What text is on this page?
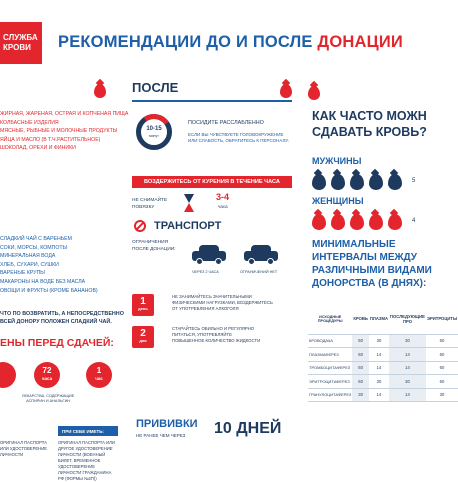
СЛУЖБА
КРОВИ	РЕКОМЕНДАЦИИ ДО И ПОСЛЕ ДОНАЦИИ
ЖИРНАЯ, ЖАРЕНАЯ, ОСТРАЯ И КОПЧЕНАЯ ПИЩА
КОЛБАСНЫЕ ИЗДЕЛИЯ
МЯСНЫЕ, РЫБНЫЕ И МОЛОЧНЫЕ ПРОДУКТЫ
ЯЙЦА И МАСЛО (В Т.Ч.РАСТИТЕЛЬНОЕ)
ШОКОЛАД, ОРЕХИ И ФИНИКИ
СЛАДКИЙ ЧАЙ С ВАРЕНЬЕМ
СОКИ, МОРСЫ, КОМПОТЫ
МИНЕРАЛЬНАЯ ВОДА
ХЛЕБ, СУХАРИ, СУШКИ
ВАРЕНЫЕ КРУПЫ
МАКАРОНЫ НА ВОДЕ БЕЗ МАСЛА
ОВОЩИ И ФРУКТЫ (КРОМЕ БАНАНОВ)
ЧТО ПО ВОЗВРАТИТЬ, А НЕПОСРЕДСТВЕННО
ВСЕЙ ДОНОРУ ПОЛОЖЕН СЛАДКИЙ ЧАЙ.
ЕНЫ ПЕРЕД СДАЧЕЙ:
72
часа
1
час
ЛЕКАРСТВА, СОДЕРЖАЩИЕ
АСПИРИН И АНАЛЬГИН
ОРИГИНАЛ ПАСПОРТА ИЛИ УДОСТОВЕРЕНИЕ ЛИЧНОСТИ
ПРИ СЕБЕ ИМЕТЬ:
ОРИГИНАЛ ПАСПОРТА ИЛИ ДРУГОЕ УДОСТОВЕРЕНИЕ ЛИЧНОСТИ (ВОЕННЫЙ БИЛЕТ, ВРЕМЕННОЕ УДОСТОВЕРЕНИЕ ЛИЧНОСТИ ГРАЖДАНИНА РФ (ФОРМЫ №2П))
ПОСЛЕ
10-15
минут
ПОСИДИТЕ РАССЛАБЛЕННО
ЕСЛИ ВЫ ЧУВСТВУЕТЕ ГОЛОВОКРУЖЕНИЕ
ИЛИ СЛАБОСТЬ, ОБРАТИТЕСЬ К ПЕРСОНАЛУ.
ВОЗДЕРЖИТЕСЬ ОТ КУРЕНИЯ В ТЕЧЕНИЕ ЧАСА
НЕ СНИМАЙТЕ
ПОВЯЗКУ
3-4
часа
ТРАНСПОРТ
ОГРАНИЧЕНИЯ
ПОСЛЕ ДОНАЦИИ:
ЧЕРЕЗ 2 ЧАСА	ОГРАНИЧЕНИЙ НЕТ
1
день
НЕ ЗАНИМАЙТЕСЬ ЗНАЧИТЕЛЬНЫМИ
ФИЗИЧЕСКИМИ НАГРУЗКАМИ, ВОЗДЕРЖИТЕСЬ
ОТ УПОТРЕБЛЕНИЯ АЛКОГОЛЯ
2
дня
СТАРАЙТЕСЬ ОБИЛЬНО И РЕГУЛЯРНО
ПИТАТЬСЯ, УПОТРЕБЛЯЙТЕ
ПОВЫШЕННОЕ КОЛИЧЕСТВО ЖИДКОСТИ
ПРИВИВКИ
НЕ РАНЕЕ ЧЕМ ЧЕРЕЗ 10 ДНЕЙ
КАК ЧАСТО МОЖН
СДАВАТЬ КРОВЬ?
МУЖЧИНЫ
5
ЖЕНЩИНЫ
4
МИНИМАЛЬНЫЕ
ИНТЕРВАЛЫ МЕЖДУ
РАЗЛИЧНЫМИ ВИДАМИ
ДОНОРСТВА (В ДНЯХ):
ИСХОДНЫЕ ПРОЦЕДУРЫ	КРОВЬ	ПЛАЗМА	ПОСЛЕДУЮЩИЕ ПРО	ЭРИТРОЦИТЫ
КРОВОДАЧА	60	30	30	60
ПЛАЗМАФЕРЕЗ	60	14	14	60
ТРОМБОЦИТАФЕРЕЗ	60	14	14	60
ЭРИТРОЦИТАФЕРЕЗ	60	30	30	60
ГРАНУЛОЦИТАФЕРЕЗ	30	14	14	30
